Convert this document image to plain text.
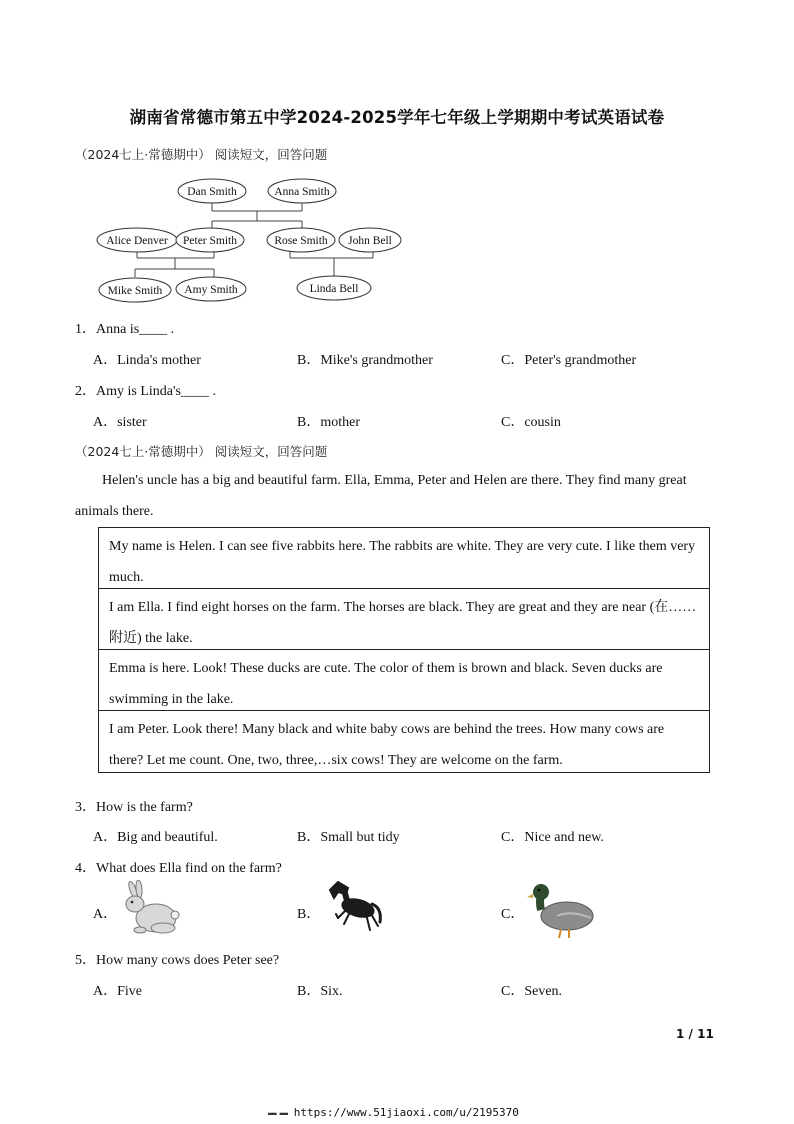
湖南省常德市第五中学2024-2025学年七年级上学期期中考试英语试卷
（2024七上·常德期中） 阅读短文，回答问题
Dan Smith	Anna Smith
Alice Denver Peter Smith	Rose Smith John Bell
Mike Smith Amy Smith	Linda Bell
1．Anna is____ .
A．Linda's mother	B．Mike's grandmother	C．Peter's grandmother
2．Amy is Linda's____ .
A．sister	B．mother	C．cousin
（2024七上·常德期中） 阅读短文，回答问题
Helen's uncle has a big and beautiful farm. Ella, Emma, Peter and Helen are there. They find many great animals there.
My name is Helen. I can see five rabbits here. The rabbits are white. They are very cute. I like them very much.
I am Ella. I find eight horses on the farm. The horses are black. They are great and they are near (在……附近) the lake.
Emma is here. Look! These ducks are cute. The color of them is brown and black. Seven ducks are swimming in the lake.
I am Peter. Look there! Many black and white baby cows are behind the trees. How many cows are there? Let me count. One, two, three,…six cows! They are welcome on the farm.
3．How is the farm?
A．Big and beautiful.	B．Small but tidy	C．Nice and new.
4．What does Ella find on the farm?
A．	B．	C．
5．How many cows does Peter see?
A．Five	B．Six.	C．Seven.
1 / 11
▬▬ ▬▬ https://www.51jiaoxi.com/u/2195370
